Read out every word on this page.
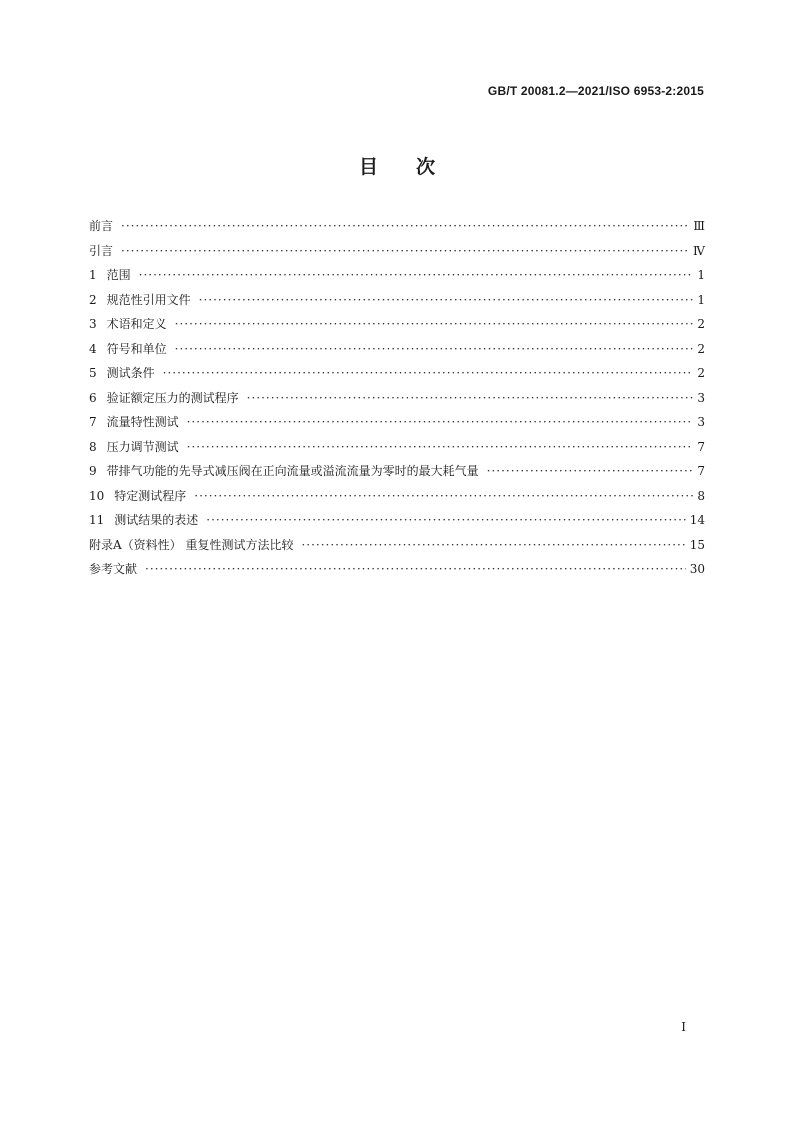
GB/T 20081.2—2021/ISO 6953-2:2015
目次
前言 ·····	Ⅲ
引言 ·····	Ⅳ
1 范围 ·····	1
2 规范性引用文件 ·····	1
3 术语和定义 ·····	2
4 符号和单位 ·····	2
5 测试条件 ·····	2
6 验证额定压力的测试程序 ·····	3
7 流量特性测试 ·····	3
8 压力调节测试 ·····	7
9 带排气功能的先导式减压阀在正向流量或溢流流量为零时的最大耗气量 ·····	7
10 特定测试程序 ·····	8
11 测试结果的表述 ·····	14
附录A（资料性） 重复性测试方法比较 ·····	15
参考文献 ·····	30
I
